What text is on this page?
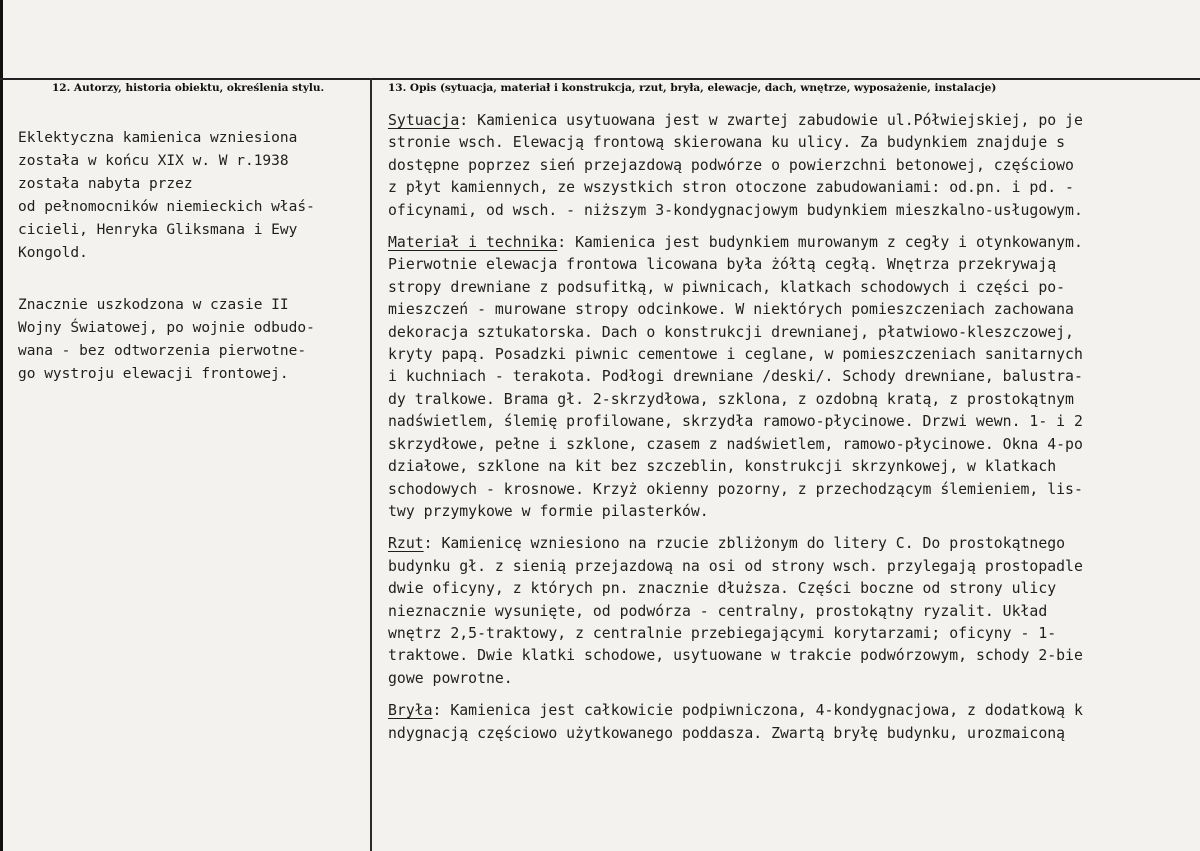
12. Autorzy, historia obiektu, określenia stylu.	13. Opis (sytuacja, materiał i konstrukcja, rzut, bryła, elewacje, dach, wnętrze, wyposażenie, instalacje)

Eklektyczna kamienica wzniesiona
została w końcu XIX w. W r.1938
została nabyta przez
od pełnomocników niemieckich właś-
cicieli, Henryka Gliksmana i Ewy
Kongold.

Znacznie uszkodzona w czasie II
Wojny Światowej, po wojnie odbudo-
wana - bez odtworzenia pierwotne-
go wystroju elewacji frontowej.

Sytuacja: Kamienica usytuowana jest w zwartej zabudowie ul.Półwiejskiej, po je
stronie wsch. Elewacją frontową skierowana ku ulicy. Za budynkiem znajduje s
dostępne poprzez sień przejazdową podwórze o powierzchni betonowej, częściowo
z płyt kamiennych, ze wszystkich stron otoczone zabudowaniami: od.pn. i pd. -
oficynami, od wsch. - niższym 3-kondygnacjowym budynkiem mieszkalno-usługowym.
Materiał i technika: Kamienica jest budynkiem murowanym z cegły i otynkowanym.
Pierwotnie elewacja frontowa licowana była żółtą cegłą. Wnętrza przekrywają
stropy drewniane z podsufitką, w piwnicach, klatkach schodowych i części po-
mieszczeń - murowane stropy odcinkowe. W niektórych pomieszczeniach zachowana
dekoracja sztukatorska. Dach o konstrukcji drewnianej, płatwiowo-kleszczowej,
kryty papą. Posadzki piwnic cementowe i ceglane, w pomieszczeniach sanitarnych
i kuchniach - terakota. Podłogi drewniane /deski/. Schody drewniane, balustra-
dy tralkowe. Brama gł. 2-skrzydłowa, szklona, z ozdobną kratą, z prostokątnym
nadświetlem, ślemię profilowane, skrzydła ramowo-płycinowe. Drzwi wewn. 1- i 2
skrzydłowe, pełne i szklone, czasem z nadświetlem, ramowo-płycinowe. Okna 4-po
działowe, szklone na kit bez szczeblin, konstrukcji skrzynkowej, w klatkach
schodowych - krosnowe. Krzyż okienny pozorny, z przechodzącym ślemieniem, lis-
twy przymykowe w formie pilasterków.
Rzut: Kamienicę wzniesiono na rzucie zbliżonym do litery C. Do prostokątnego
budynku gł. z sienią przejazdową na osi od strony wsch. przylegają prostopadle
dwie oficyny, z których pn. znacznie dłuższa. Części boczne od strony ulicy
nieznacznie wysunięte, od podwórza - centralny, prostokątny ryzalit. Układ
wnętrz 2,5-traktowy, z centralnie przebiegającymi korytarzami; oficyny - 1-
traktowe. Dwie klatki schodowe, usytuowane w trakcie podwórzowym, schody 2-bie
gowe powrotne.
Bryła: Kamienica jest całkowicie podpiwniczona, 4-kondygnacjowa, z dodatkową k
ndygnacją częściowo użytkowanego poddasza. Zwartą bryłę budynku, urozmaiconą
